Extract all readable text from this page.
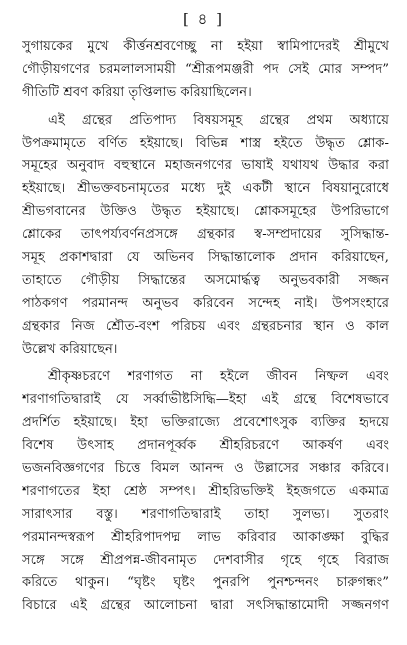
[ ৪ ]
সুগায়কের মুখে কীর্ত্তনশ্রবণেচ্ছু না হইয়া স্বামিপাদেরই শ্রীমুখে
গৌড়ীয়গণের চরমলালসাময়ী “শ্রীরূপমঞ্জরী পদ সেই মোর সম্পদ”
গীতিটি শ্রবণ করিয়া তৃপ্তিলাভ করিয়াছিলেন।
এই গ্রন্থের প্রতিপাদ্য বিষয়সমূহ গ্রন্থের প্রথম অধ্যায়ে
উপক্রমামৃতে বর্ণিত হইয়াছে। বিভিন্ন শাস্ত্র হইতে উদ্ধৃত শ্লোক-
সমূহের অনুবাদ বহুস্থানে মহাজনগণের ভাষাই যথাযথ উদ্ধার করা
হইয়াছে। শ্রীভক্তবচনামৃতের মধ্যে দুই একটী স্থানে বিষয়ানুরোধে
শ্রীভগবানের উক্তিও উদ্ধৃত হইয়াছে। শ্লোকসমূহের উপরিভাগে
শ্লোকের তাৎপর্য্যবর্ণনপ্রসঙ্গে গ্রন্থকার স্ব-সম্প্রদায়ের সুসিদ্ধান্ত-
সমূহ প্রকাশদ্বারা যে অভিনব সিদ্ধান্তালোক প্রদান করিয়াছেন,
তাহাতে গৌড়ীয় সিদ্ধান্তের অসমোর্দ্ধত্ব অনুভবকারী সজ্জন
পাঠকগণ পরমানন্দ অনুভব করিবেন সন্দেহ নাই। উপসংহারে
গ্রন্থকার নিজ শ্রৌত-বংশ পরিচয় এবং গ্রন্থরচনার স্থান ও কাল
উল্লেখ করিয়াছেন।
শ্রীকৃষ্ণচরণে শরণাগত না হইলে জীবন নিষ্ফল এবং
শরণাগতিদ্বারাই যে সর্ব্বাভীষ্টসিদ্ধি—ইহা এই গ্রন্থে বিশেষভাবে
প্রদর্শিত হইয়াছে। ইহা ভক্তিরাজ্যে প্রবেশোৎসুক ব্যক্তির হৃদয়ে
বিশেষ উৎসাহ প্রদানপূর্ব্বক শ্রীহরিচরণে আকর্ষণ এবং
ভজনবিজ্ঞগণের চিত্তে বিমল আনন্দ ও উল্লাসের সঞ্চার করিবে।
শরণাগতের ইহা শ্রেষ্ঠ সম্পৎ। শ্রীহরিভক্তিই ইহজগতে একমাত্র
সারাৎসার বস্তু। শরণাগতিদ্বারাই তাহা সুলভ্য। সুতরাং
পরমানন্দস্বরূপ শ্রীহরিপাদপদ্ম লাভ করিবার আকাঙ্ক্ষা বুদ্ধির
সঙ্গে সঙ্গে শ্রীপ্রপন্ন-জীবনামৃত দেশবাসীর গৃহে গৃহে বিরাজ
করিতে থাকুন। “ঘৃষ্টং ঘৃষ্টং পুনরপি পুনশ্চন্দনং চারুগন্ধং”
বিচারে এই গ্রন্থের আলোচনা দ্বারা সৎসিদ্ধান্তামোদী সজ্জনগণ
